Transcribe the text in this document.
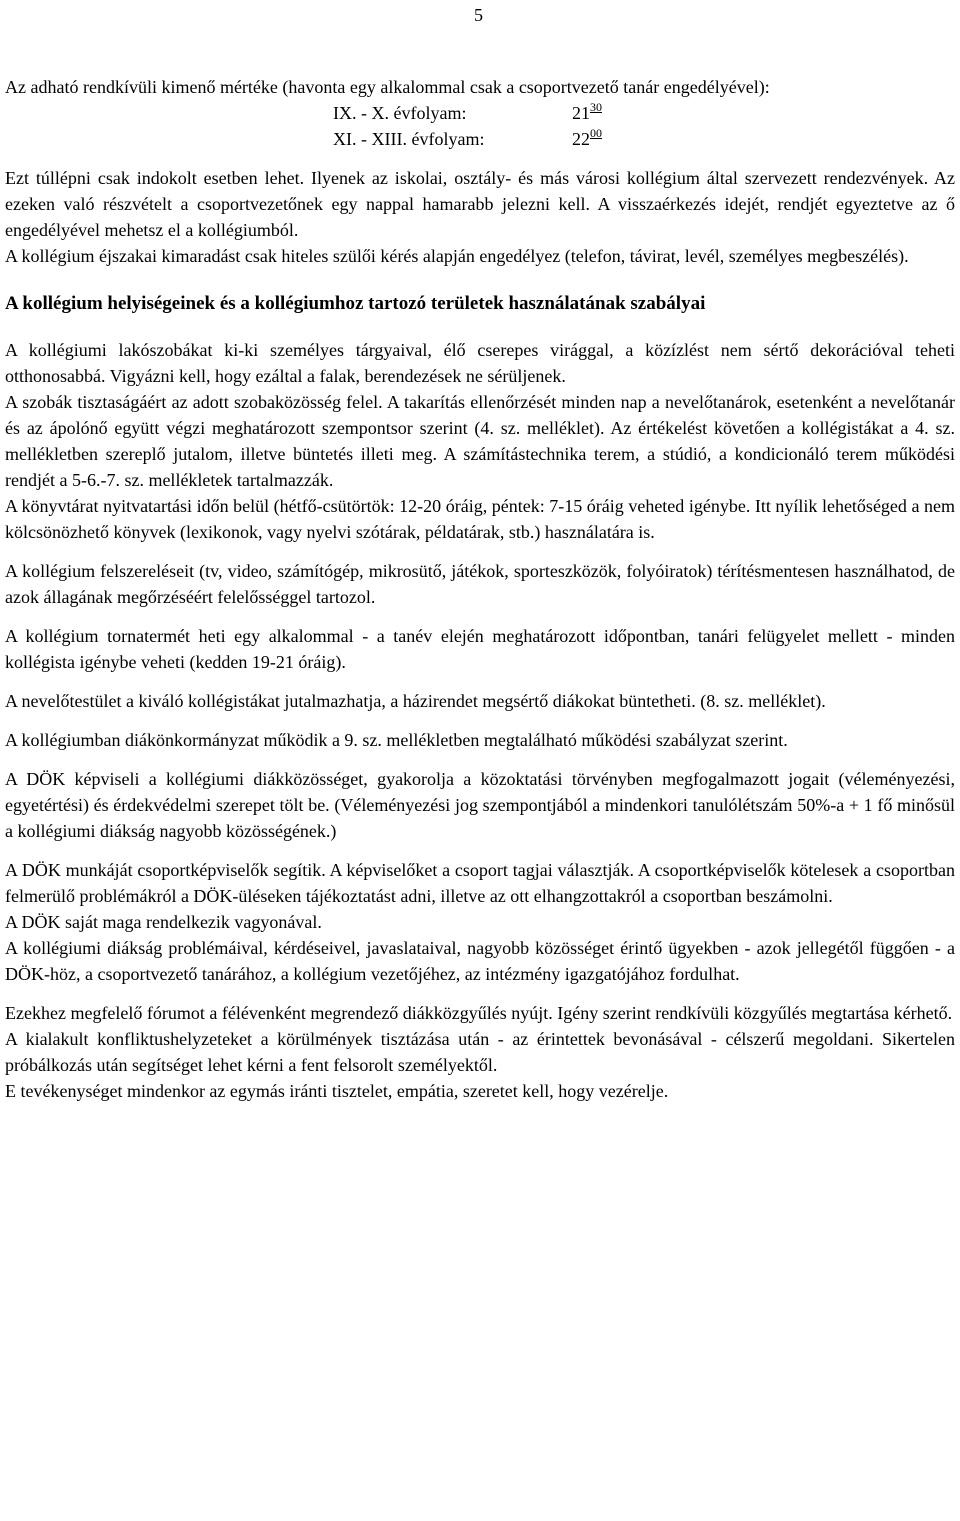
5

Az adható rendkívüli kimenő mértéke (havonta egy alkalommal csak a csoportvezető tanár engedélyével):

IX. - X. évfolyam:	$21^{30}$
XI. - XIII. évfolyam:	$22^{00}$

Ezt túllépni csak indokolt esetben lehet. Ilyenek az iskolai, osztály- és más városi kollégium által szervezett rendezvények. Az ezeken való részvételt a csoportvezetőnek egy nappal hamarabb jelezni kell. A visszaérkezés idejét, rendjét egyeztetve az ő engedélyével mehetsz el a kollégiumból.

A kollégium éjszakai kimaradást csak hiteles szülői kérés alapján engedélyez (telefon, távirat, levél, személyes megbeszélés).

A kollégium helyiségeinek és a kollégiumhoz tartozó területek használatának szabályai

A kollégiumi lakószobákat ki-ki személyes tárgyaival, élő cserepes virággal, a közízlést nem sértő dekorációval teheti otthonosabbá. Vigyázni kell, hogy ezáltal a falak, berendezések ne sérüljenek.

A szobák tisztaságáért az adott szobaközösség felel. A takarítás ellenőrzését minden nap a nevelőtanárok, esetenként a nevelőtanár és az ápolónő együtt végzi meghatározott szempontsor szerint (4. sz. melléklet). Az értékelést követően a kollégistákat a 4. sz. mellékletben szereplő jutalom, illetve büntetés illeti meg. A számítástechnika terem, a stúdió, a kondicionáló terem működési rendjét a 5-6.-7. sz. mellékletek tartalmazzák.

A könyvtárat nyitvatartási időn belül (hétfő-csütörtök: 12-20 óráig, péntek: 7-15 óráig veheted igénybe. Itt nyílik lehetőséged a nem kölcsönözhető könyvek (lexikonok, vagy nyelvi szótárak, példatárak, stb.) használatára is.

A kollégium felszereléseit (tv, video, számítógép, mikrosütő, játékok, sporteszközök, folyóiratok) térítésmentesen használhatod, de azok állagának megőrzéséért felelősséggel tartozol.

A kollégium tornatermét heti egy alkalommal - a tanév elején meghatározott időpontban, tanári felügyelet mellett - minden kollégista igénybe veheti (kedden 19-21 óráig).

A nevelőtestület a kiváló kollégistákat jutalmazhatja, a házirendet megsértő diákokat büntetheti. (8. sz. melléklet).

A kollégiumban diákönkormányzat működik a 9. sz. mellékletben megtalálható működési szabályzat szerint.

A DÖK képviseli a kollégiumi diákközösséget, gyakorolja a közoktatási törvényben megfogalmazott jogait (véleményezési, egyetértési) és érdekvédelmi szerepet tölt be. (Véleményezési jog szempontjából a mindenkori tanulólétszám 50%-a + 1 fő minősül a kollégiumi diákság nagyobb közösségének.)

A DÖK munkáját csoportképviselők segítik. A képviselőket a csoport tagjai választják. A csoportképviselők kötelesek a csoportban felmerülő problémákról a DÖK-üléseken tájékoztatást adni, illetve az ott elhangzottakról a csoportban beszámolni.

A DÖK saját maga rendelkezik vagyonával.

A kollégiumi diákság problémáival, kérdéseivel, javaslataival, nagyobb közösséget érintő ügyekben - azok jellegétől függően - a DÖK-höz, a csoportvezető tanárához, a kollégium vezetőjéhez, az intézmény igazgatójához fordulhat.

Ezekhez megfelelő fórumot a félévenként megrendező diákközgyűlés nyújt. Igény szerint rendkívüli közgyűlés megtartása kérhető.

A kialakult konfliktushelyzeteket a körülmények tisztázása után - az érintettek bevonásával - célszerű megoldani. Sikertelen próbálkozás után segítséget lehet kérni a fent felsorolt személyektől.

E tevékenységet mindenkor az egymás iránti tisztelet, empátia, szeretet kell, hogy vezérelje.
